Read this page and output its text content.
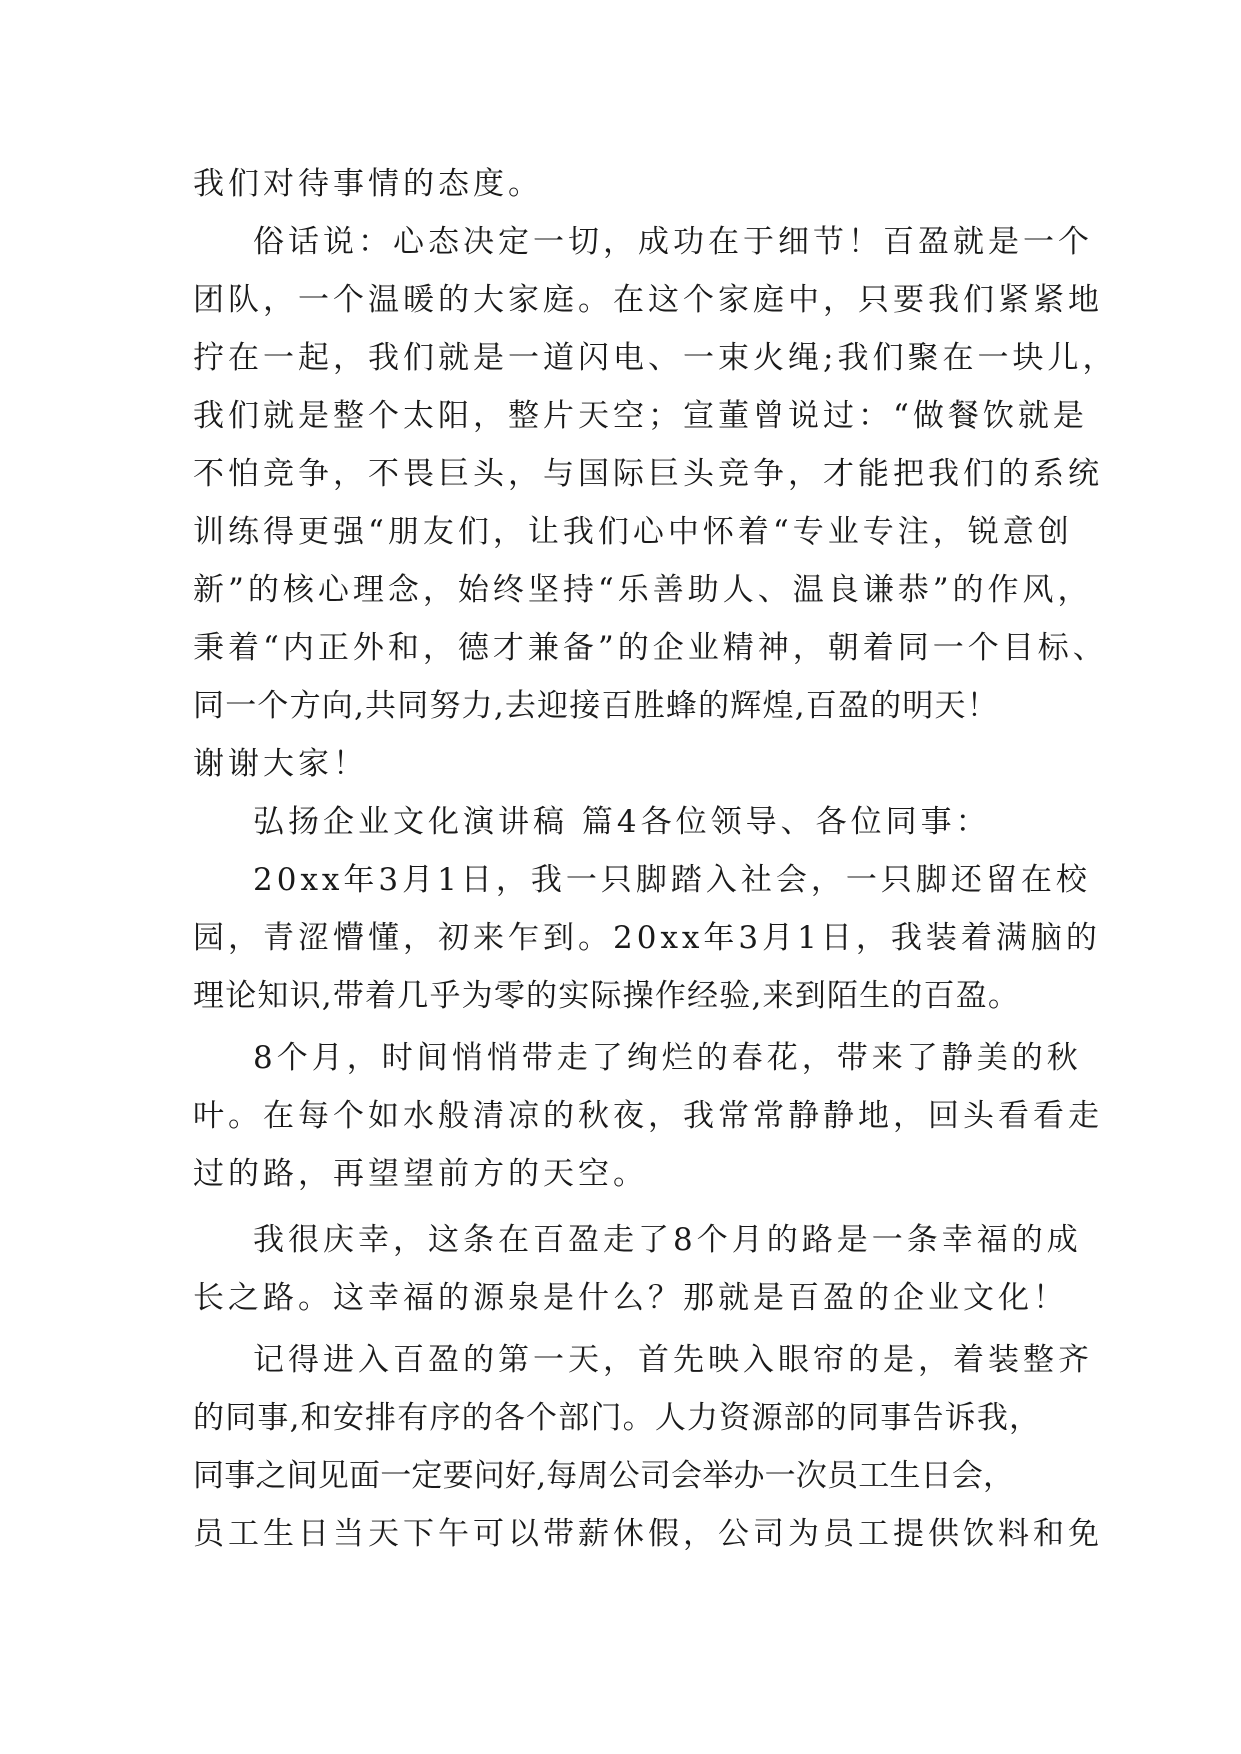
我们对待事情的态度。
俗话说：心态决定一切，成功在于细节！百盈就是一个
团队，一个温暖的大家庭。在这个家庭中，只要我们紧紧地
拧在一起，我们就是一道闪电、一束火绳;我们聚在一块儿，
我们就是整个太阳，整片天空；宣董曾说过：“做餐饮就是
不怕竞争，不畏巨头，与国际巨头竞争，才能把我们的系统
训练得更强“朋友们，让我们心中怀着“专业专注，锐意创
新”的核心理念，始终坚持“乐善助人、温良谦恭”的作风，
秉着“内正外和，德才兼备”的企业精神，朝着同一个目标、
同一个方向,共同努力,去迎接百胜蜂的辉煌,百盈的明天！
谢谢大家！
弘扬企业文化演讲稿 篇4各位领导、各位同事：
20xx年3月1日，我一只脚踏入社会，一只脚还留在校
园，青涩懵懂，初来乍到。20xx年3月1日，我装着满脑的
理论知识,带着几乎为零的实际操作经验,来到陌生的百盈。
8个月，时间悄悄带走了绚烂的春花，带来了静美的秋
叶。在每个如水般清凉的秋夜，我常常静静地，回头看看走
过的路，再望望前方的天空。
我很庆幸，这条在百盈走了8个月的路是一条幸福的成
长之路。这幸福的源泉是什么？那就是百盈的企业文化！
记得进入百盈的第一天，首先映入眼帘的是，着装整齐
的同事,和安排有序的各个部门。人力资源部的同事告诉我，
同事之间见面一定要问好,每周公司会举办一次员工生日会，
员工生日当天下午可以带薪休假，公司为员工提供饮料和免
